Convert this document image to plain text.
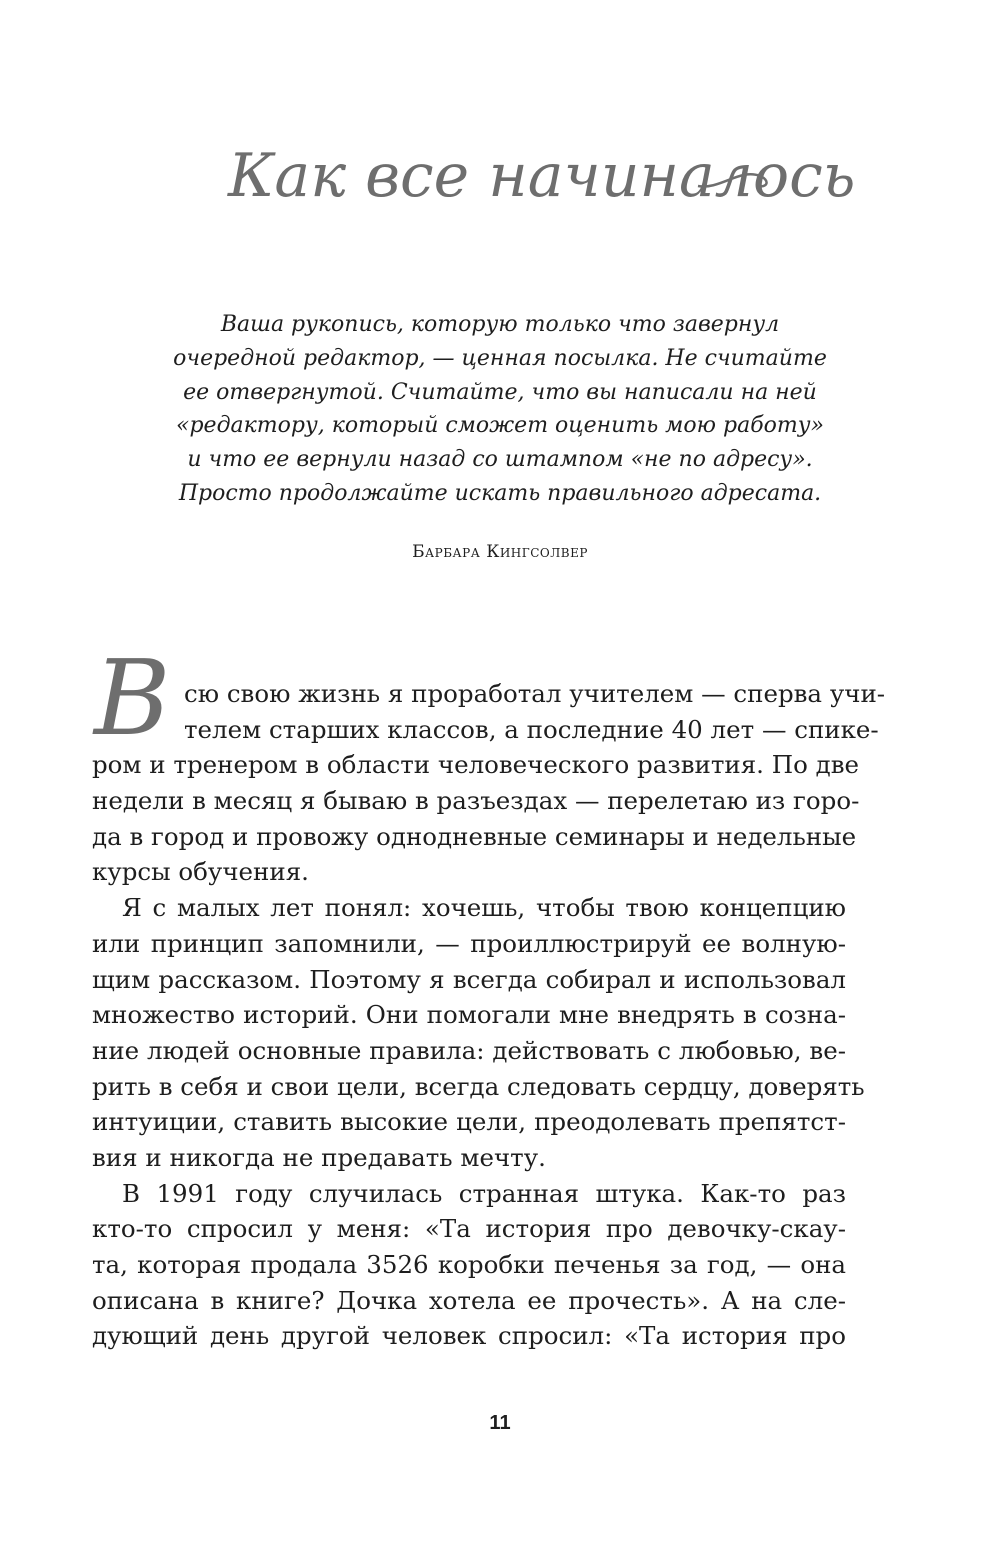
Как все начиналось
Ваша рукопись, которую только что завернул
очередной редактор, — ценная посылка. Не считайте
ее отвергнутой. Считайте, что вы написали на ней
«редактору, который сможет оценить мою работу»
и что ее вернули назад со штампом «не по адресу».
Просто продолжайте искать правильного адресата.
Барбара Кингсолвер
В сю свою жизнь я проработал учителем — сперва учи-
телем старших классов, а последние 40 лет — спике-
ром и тренером в области человеческого развития. По две
недели в месяц я бываю в разъездах — перелетаю из горо-
да в город и провожу однодневные семинары и недельные
курсы обучения.
Я с малых лет понял: хочешь, чтобы твою концепцию
или принцип запомнили, — проиллюстрируй ее волную-
щим рассказом. Поэтому я всегда собирал и использовал
множество историй. Они помогали мне внедрять в созна-
ние людей основные правила: действовать с любовью, ве-
рить в себя и свои цели, всегда следовать сердцу, доверять
интуиции, ставить высокие цели, преодолевать препятст-
вия и никогда не предавать мечту.
В 1991 году случилась странная штука. Как-то раз
кто-то спросил у меня: «Та история про девочку-скау-
та, которая продала 3526 коробки печенья за год, — она
описана в книге? Дочка хотела ее прочесть». А на сле-
дующий день другой человек спросил: «Та история про
11
